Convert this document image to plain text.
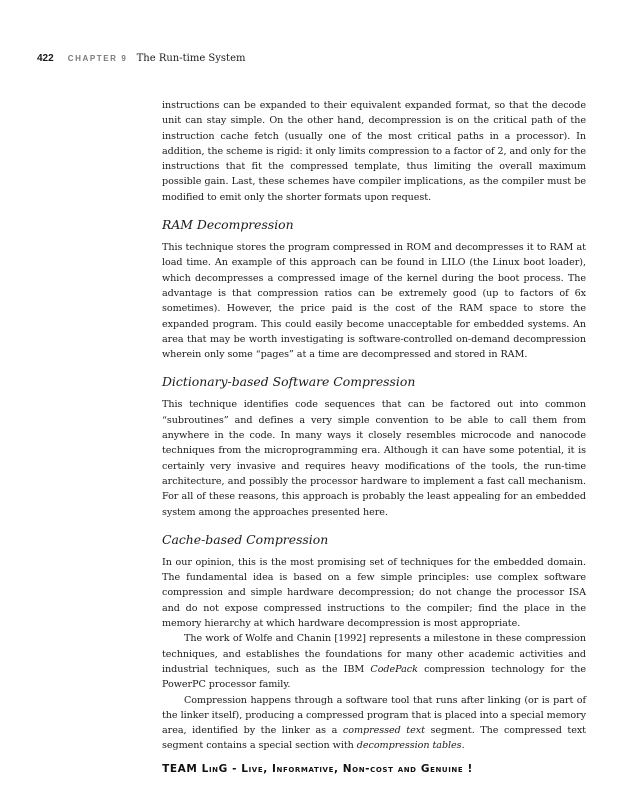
422 CHAPTER 9 The Run-time System

instructions can be expanded to their equivalent expanded format, so that the decode unit can stay simple. On the other hand, decompression is on the critical path of the instruction cache fetch (usually one of the most critical paths in a processor). In addition, the scheme is rigid: it only limits compression to a factor of 2, and only for the instructions that fit the compressed template, thus limiting the overall maximum possible gain. Last, these schemes have compiler implications, as the compiler must be modified to emit only the shorter formats upon request.

RAM Decompression

This technique stores the program compressed in ROM and decompresses it to RAM at load time. An example of this approach can be found in LILO (the Linux boot loader), which decompresses a compressed image of the kernel during the boot process. The advantage is that compression ratios can be extremely good (up to factors of 6x sometimes). However, the price paid is the cost of the RAM space to store the expanded program. This could easily become unacceptable for embedded systems. An area that may be worth investigating is software-controlled on-demand decompression wherein only some “pages” at a time are decompressed and stored in RAM.

Dictionary-based Software Compression

This technique identifies code sequences that can be factored out into common “subroutines” and defines a very simple convention to be able to call them from anywhere in the code. In many ways it closely resembles microcode and nanocode techniques from the microprogramming era. Although it can have some potential, it is certainly very invasive and requires heavy modifications of the tools, the run-time architecture, and possibly the processor hardware to implement a fast call mechanism. For all of these reasons, this approach is probably the least appealing for an embedded system among the approaches presented here.

Cache-based Compression

In our opinion, this is the most promising set of techniques for the embedded domain. The fundamental idea is based on a few simple principles: use complex software compression and simple hardware decompression; do not change the processor ISA and do not expose compressed instructions to the compiler; find the place in the memory hierarchy at which hardware decompression is most appropriate.

The work of Wolfe and Chanin [1992] represents a milestone in these compression techniques, and establishes the foundations for many other academic activities and industrial techniques, such as the IBM CodePack compression technology for the PowerPC processor family.

Compression happens through a software tool that runs after linking (or is part of the linker itself), producing a compressed program that is placed into a special memory area, identified by the linker as a compressed text segment. The compressed text segment contains a special section with decompression tables.

TEAM LinG - Live, Informative, Non-cost and Genuine !
